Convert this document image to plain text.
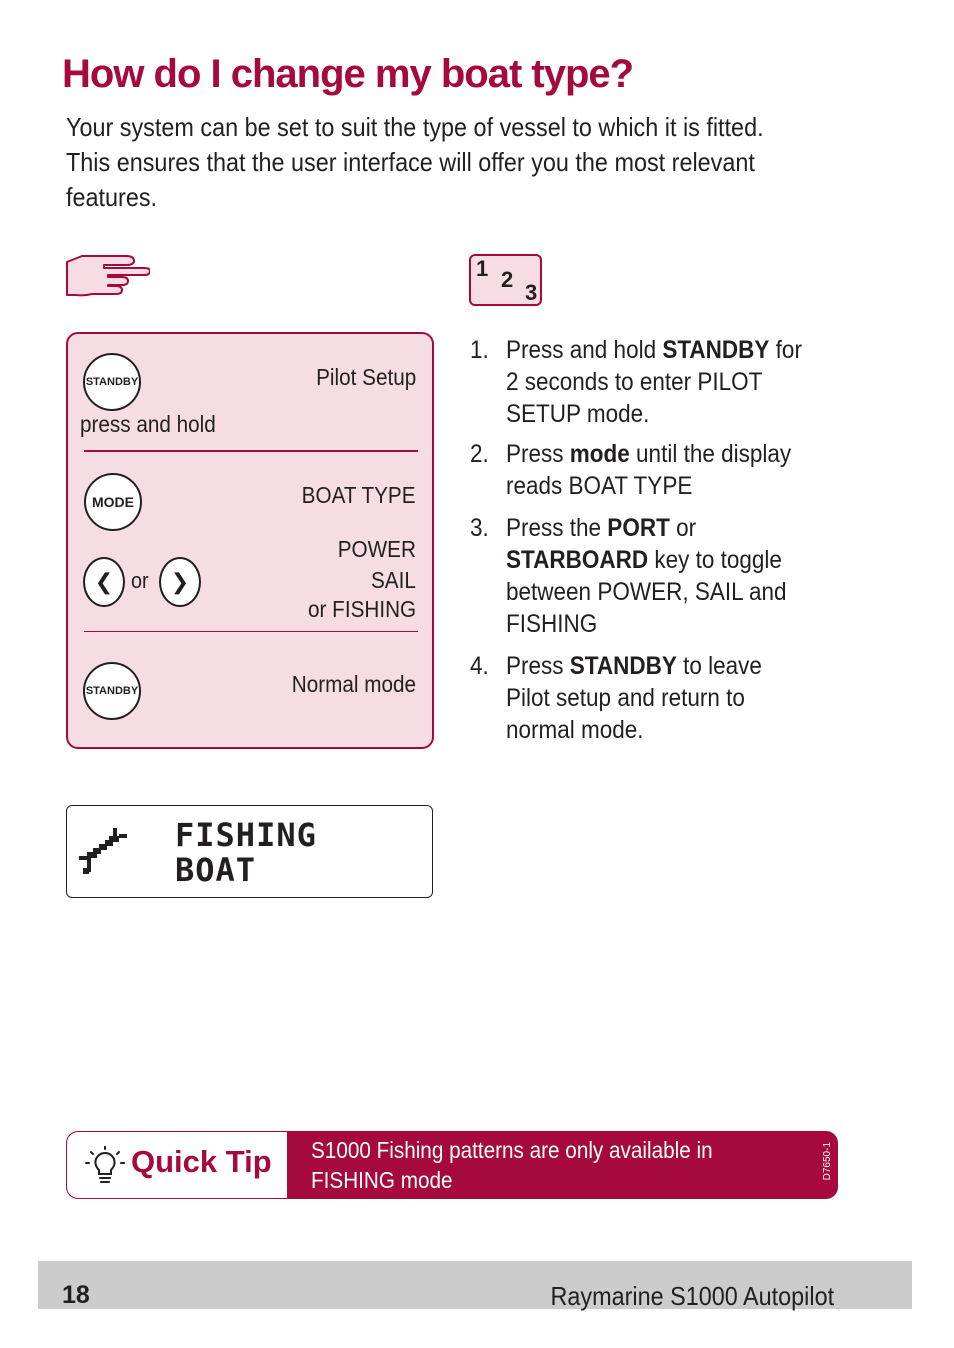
How do I change my boat type?

Your system can be set to suit the type of vessel to which it is fitted. This ensures that the user interface will offer you the most relevant features.

1 2
3
STANDBY	Pilot Setup
press and hold
MODE	BOAT TYPE
❮ or ❯
POWER
SAIL
or FISHING
STANDBY	Normal mode
FISHING
BOAT
1. Press and hold STANDBY for 2 seconds to enter PILOT SETUP mode.
2. Press mode until the display reads BOAT TYPE
3. Press the PORT or STARBOARD key to toggle between POWER, SAIL and FISHING
4. Press STANDBY to leave Pilot setup and return to normal mode.
Quick Tip S1000 Fishing patterns are only available in FISHING mode	D7650-1
18	Raymarine S1000 Autopilot
